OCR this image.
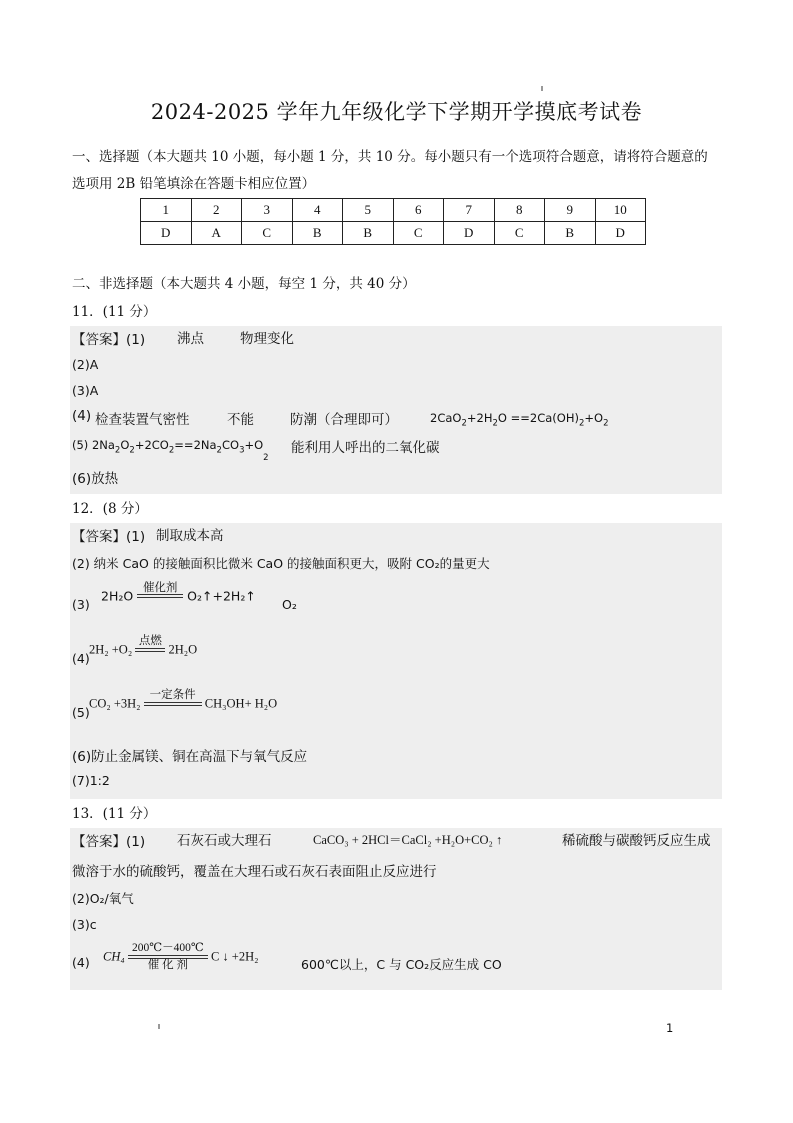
2024-2025 学年九年级化学下学期开学摸底考试卷
一、选择题（本大题共 10 小题，每小题 1 分，共 10 分。每小题只有一个选项符合题意，请将符合题意的
选项用 2B 铅笔填涂在答题卡相应位置）
1	2	3	4	5	6	7	8	9	10
D	A	C	B	B	C	D	C	B	D
二、非选择题（本大题共 4 小题，每空 1 分，共 40 分）
11．(11 分）
【答案】(1) 沸点	物理变化
(2)A
(3)A
(4) 检查装置气密性	不能	防潮（合理即可）	$2CaO_2+2H_2O ==2Ca(OH)_2+O_2$
(5) $2Na_2O_2+2CO_2==2Na_2CO_3+O_2$
能利用人呼出的二氧化碳
(6)放热
12．(8 分）
【答案】(1) 制取成本高
(2) 纳米 CaO 的接触面积比微米 CaO 的接触面积更大，吸附 CO₂的量更大
(3)
2H₂O
催化剂

O₂↑+2H₂↑
O₂
(4)
2H₂ +O₂
点燃

2H₂O
(5)
CO₂ +3H₂
一定条件

CH₃OH+ H₂O
(6)防止金属镁、铜在高温下与氧气反应
(7)1:2
13．(11 分）
【答案】(1) 石灰石或大理石	CaCO₃ + 2HCl＝CaCl₂ +H₂O+CO₂ ↑	稀硫酸与碳酸钙反应生成
微溶于水的硫酸钙，覆盖在大理石或石灰石表面阻止反应进行
(2)O₂/氧气
(3)c
(4) $CH_4 \frac{200℃-400℃}{\text{催 化 剂}}$ C ↓ +2H₂
600℃以上，C 与 CO₂反应生成 CO
1
